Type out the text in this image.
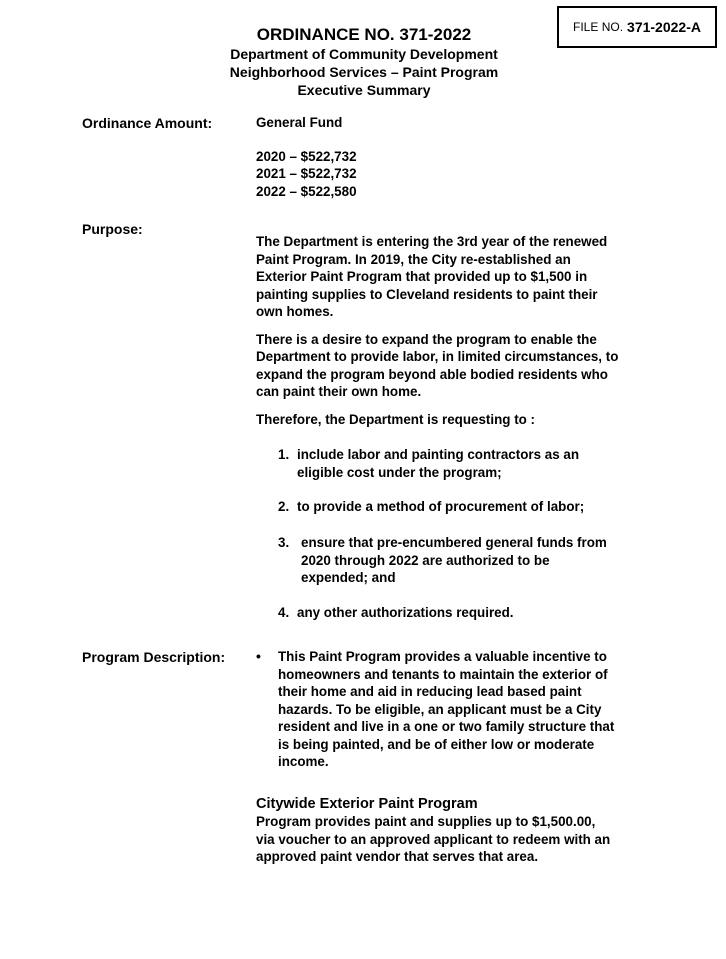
FILE NO. 371-2022-A
ORDINANCE NO. 371-2022
Department of Community Development
Neighborhood Services – Paint Program
Executive Summary
Ordinance Amount:	General Fund
2020 – $522,732
2021 – $522,732
2022 – $522,580
Purpose:
The Department is entering the 3rd year of the renewed
Paint Program. In 2019, the City re-established an
Exterior Paint Program that provided up to $1,500 in
painting supplies to Cleveland residents to paint their
own homes.
There is a desire to expand the program to enable the
Department to provide labor, in limited circumstances, to
expand the program beyond able bodied residents who
can paint their own home.
Therefore, the Department is requesting to :
1. include labor and painting contractors as an
eligible cost under the program;
2. to provide a method of procurement of labor;
3. ensure that pre-encumbered general funds from
2020 through 2022 are authorized to be
expended; and
4. any other authorizations required.
Program Description: • This Paint Program provides a valuable incentive to
homeowners and tenants to maintain the exterior of
their home and aid in reducing lead based paint
hazards. To be eligible, an applicant must be a City
resident and live in a one or two family structure that
is being painted, and be of either low or moderate
income.
Citywide Exterior Paint Program
Program provides paint and supplies up to $1,500.00,
via voucher to an approved applicant to redeem with an
approved paint vendor that serves that area.
